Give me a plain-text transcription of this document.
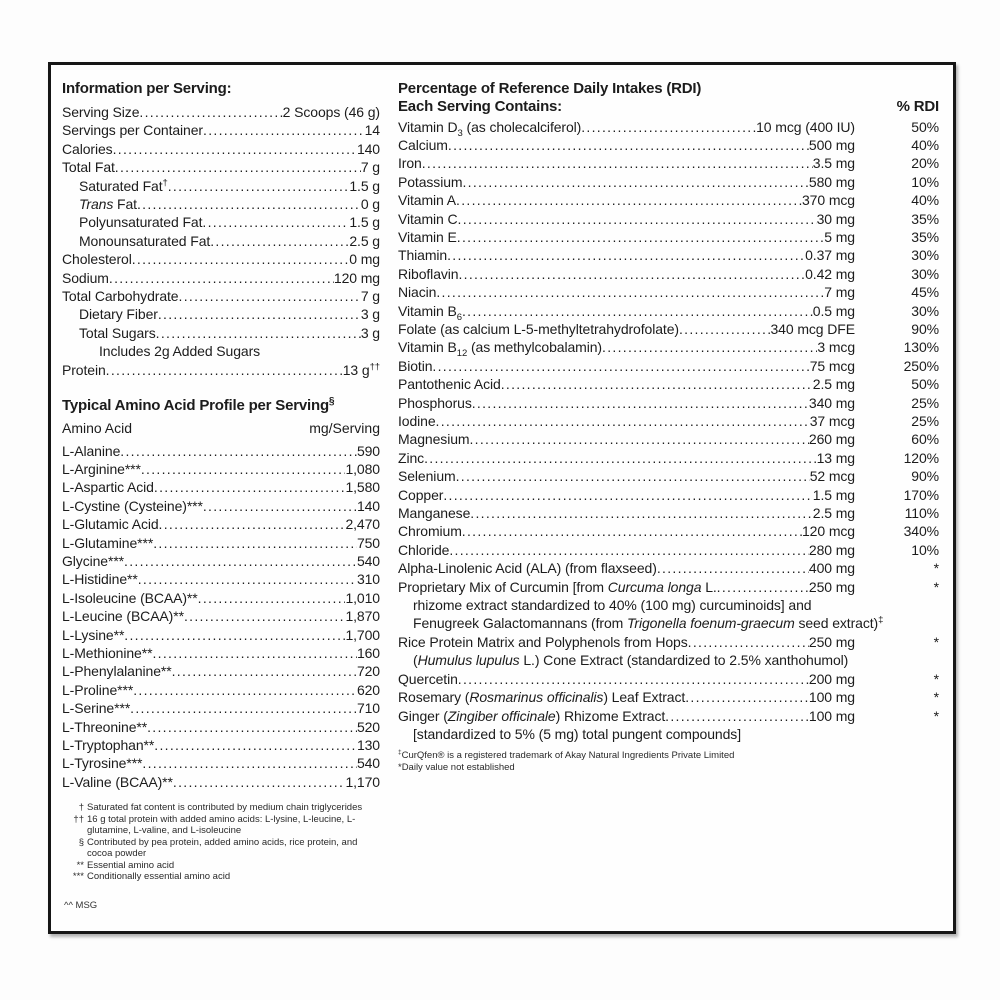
Information per Serving:
Serving Size .....	2 Scoops (46 g)
Servings per Container .....	14
Calories .....	140
Total Fat .....	7 g
Saturated Fat† .....	1.5 g
Trans Fat .....	0 g
Polyunsaturated Fat .....	1.5 g
Monounsaturated Fat .....	2.5 g
Cholesterol .....	0 mg
Sodium .....	120 mg
Total Carbohydrate .....	7 g
Dietary Fiber .....	3 g
Total Sugars .....	3 g
Includes 2g Added Sugars
Protein .....	13 g††
Typical Amino Acid Profile per Serving§
Amino Acid	mg/Serving
L-Alanine .....	590
L-Arginine*** .....	1,080
L-Aspartic Acid .....	1,580
L-Cystine (Cysteine)*** .....	140
L-Glutamic Acid .....	2,470
L-Glutamine*** .....	750
Glycine*** .....	540
L-Histidine** .....	310
L-Isoleucine (BCAA)** .....	1,010
L-Leucine (BCAA)** .....	1,870
L-Lysine** .....	1,700
L-Methionine** .....	160
L-Phenylalanine** .....	720
L-Proline*** .....	620
L-Serine*** .....	710
L-Threonine** .....	520
L-Tryptophan** .....	130
L-Tyrosine*** .....	540
L-Valine (BCAA)** .....	1,170
† Saturated fat content is contributed by medium chain triglycerides
†† 16 g total protein with added amino acids: L-lysine, L-leucine, L-glutamine, L-valine, and L-isoleucine
§ Contributed by pea protein, added amino acids, rice protein, and cocoa powder
** Essential amino acid
*** Conditionally essential amino acid
^^ MSG
Percentage of Reference Daily Intakes (RDI)
Each Serving Contains:	% RDI
Vitamin $D_3$ (as cholecalciferol) .....	10 mcg (400 IU)	50%
Calcium .....	500 mg	40%
Iron .....	3.5 mg	20%
Potassium .....	580 mg	10%
Vitamin A .....	370 mcg	40%
Vitamin C .....	30 mg	35%
Vitamin E .....	5 mg	35%
Thiamin .....	0.37 mg	30%
Riboflavin .....	0.42 mg	30%
Niacin .....	7 mg	45%
Vitamin $B_6$ .....	0.5 mg	30%
Folate (as calcium L-5-methyltetrahydrofolate) .....	340 mcg DFE	90%
Vitamin $B_{12}$ (as methylcobalamin) .....	3 mcg	130%
Biotin .....	75 mcg	250%
Pantothenic Acid .....	2.5 mg	50%
Phosphorus .....	340 mg	25%
Iodine .....	37 mcg	25%
Magnesium .....	260 mg	60%
Zinc .....	13 mg	120%
Selenium .....	52 mcg	90%
Copper .....	1.5 mg	170%
Manganese .....	2.5 mg	110%
Chromium .....	120 mcg	340%
Chloride .....	280 mg	10%
Alpha-Linolenic Acid (ALA) (from flaxseed) .....	400 mg	*
Proprietary Mix of Curcumin [from Curcuma longa L. .....	250 mg	*
rhizome extract standardized to 40% (100 mg) curcuminoids] and
Fenugreek Galactomannans (from Trigonella foenum-graecum seed extract)‡
Rice Protein Matrix and Polyphenols from Hops .....	250 mg	*
(Humulus lupulus L.) Cone Extract (standardized to 2.5% xanthohumol)
Quercetin .....	200 mg	*
Rosemary (Rosmarinus officinalis) Leaf Extract .....	100 mg	*
Ginger (Zingiber officinale) Rhizome Extract .....	100 mg	*
[standardized to 5% (5 mg) total pungent compounds]
‡CurQfen® is a registered trademark of Akay Natural Ingredients Private Limited
*Daily value not established
